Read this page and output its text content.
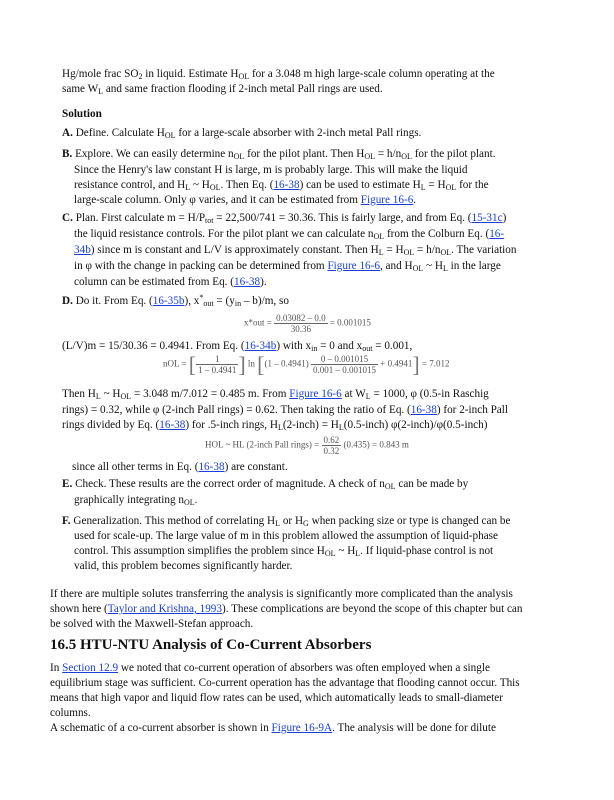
Hg/mole frac $SO_2$ in liquid. Estimate $H_{OL}$ for a 3.048 m high large-scale column operating at the
same $W_L$ and same fraction flooding if 2-inch metal Pall rings are used.
Solution
A. Define. Calculate $H_{OL}$ for a large-scale absorber with 2-inch metal Pall rings.
B. Explore. We can easily determine $n_{OL}$ for the pilot plant. Then $H_{OL} = h/n_{OL}$ for the pilot plant.
Since the Henry's law constant H is large, m is probably large. This will make the liquid
resistance control, and $H_L$ ~ $H_{OL}$. Then Eq. (16-38) can be used to estimate $H_L = H_{OL}$ for the
large-scale column. Only φ varies, and it can be estimated from Figure 16-6.
C. Plan. First calculate $m = H/P_{tot} = 22,500/741 = 30.36$. This is fairly large, and from Eq. (15-31c)
the liquid resistance controls. For the pilot plant we can calculate $n_{OL}$ from the Colburn Eq. (16-
34b) since m is constant and L/V is approximately constant. Then $H_L = H_{OL} = h/n_{OL}$. The variation
in φ with the change in packing can be determined from Figure 16-6, and $H_{OL}$ ~ $H_L$ in the large
column can be estimated from Eq. (16-38).
D. Do it. From Eq. (16-35b), $x^*_{out} = (y_{in} - b)/m$, so
$x*out = \frac{0.03082 - 0.0}{30.36} = 0.001015$
(L/V)m = 15/30.36 = 0.4941. From Eq. (16-34b) with $x_{in} = 0$ and $x_{out} = 0.001$,
nOL = [ $\frac{1}{1 - 0.4941}$ ] $\ln [(1 - 0.4941) \frac{0 - 0.001015}{0.001 - 0.001015} + 0.4941] = 7.012$
Then $H_L$ ~ $H_{OL} = 3.048$ m/7.012 = 0.485 m. From Figure 16-6 at $W_L = 1000$, φ (0.5-in Raschig
rings) = 0.32, while φ (2-inch Pall rings) = 0.62. Then taking the ratio of Eq. (16-38) for 2-inch Pall
rings divided by Eq. (16-38) for .5-inch rings, $H_L(2-inch)$ = $H_L(0.5-inch)$ φ(2-inch)/φ(0.5-inch)
HOL ~ HL (2-inch Pall rings) = $\frac{0.62}{0.32} (0.435) = 0.843$ m
since all other terms in Eq. (16-38) are constant.
E. Check. These results are the correct order of magnitude. A check of $n_{OL}$ can be made by
graphically integrating $n_{OL}$.
F. Generalization. This method of correlating $H_L$ or $H_G$ when packing size or type is changed can be
used for scale-up. The large value of m in this problem allowed the assumption of liquid-phase
control. This assumption simplifies the problem since $H_{OL}$ ~ $H_L$. If liquid-phase control is not
valid, this problem becomes significantly harder.
If there are multiple solutes transferring the analysis is significantly more complicated than the analysis
shown here (Taylor and Krishna, 1993). These complications are beyond the scope of this chapter but can
be solved with the Maxwell-Stefan approach.
16.5 HTU-NTU Analysis of Co-Current Absorbers
In Section 12.9 we noted that co-current operation of absorbers was often employed when a single
equilibrium stage was sufficient. Co-current operation has the advantage that flooding cannot occur. This
means that high vapor and liquid flow rates can be used, which automatically leads to small-diameter
columns.
A schematic of a co-current absorber is shown in Figure 16-9A. The analysis will be done for dilute
